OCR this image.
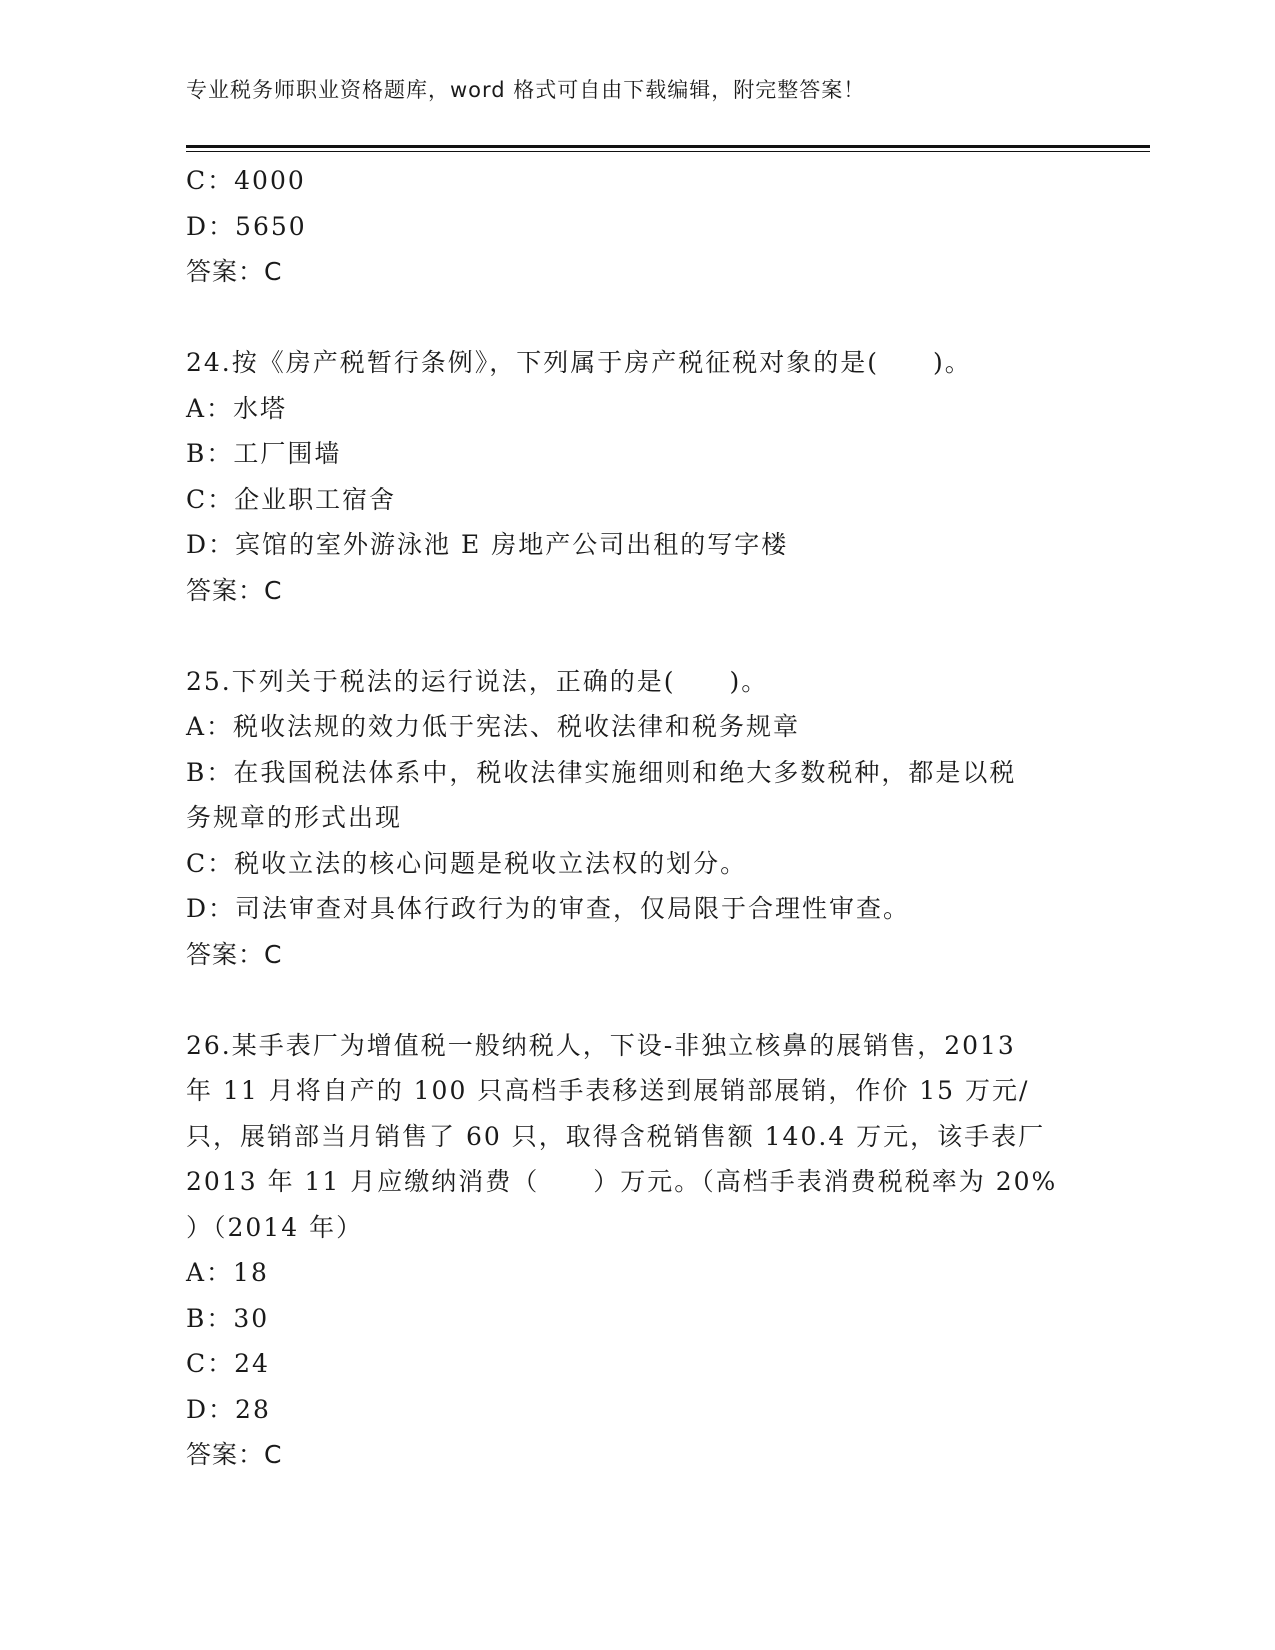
专业税务师职业资格题库，word 格式可自由下载编辑，附完整答案！
C：4000
D：5650
答案：C
24.按《房产税暂行条例》，下列属于房产税征税对象的是(　　)。
A：水塔
B：工厂围墙
C：企业职工宿舍
D：宾馆的室外游泳池 E 房地产公司出租的写字楼
答案：C
25.下列关于税法的运行说法，正确的是(　　)。
A：税收法规的效力低于宪法、税收法律和税务规章
B：在我国税法体系中，税收法律实施细则和绝大多数税种，都是以税
务规章的形式出现
C：税收立法的核心问题是税收立法权的划分。
D：司法审查对具体行政行为的审查，仅局限于合理性审查。
答案：C
26.某手表厂为增值税一般纳税人，下设-非独立核鼻的展销售，2013
年 11 月将自产的 100 只高档手表移送到展销部展销，作价 15 万元/
只，展销部当月销售了 60 只，取得含税销售额 140.4 万元，该手表厂
2013 年 11 月应缴纳消费（　　）万元。（高档手表消费税税率为 20%
）（2014 年）
A：18
B：30
C：24
D：28
答案：C
